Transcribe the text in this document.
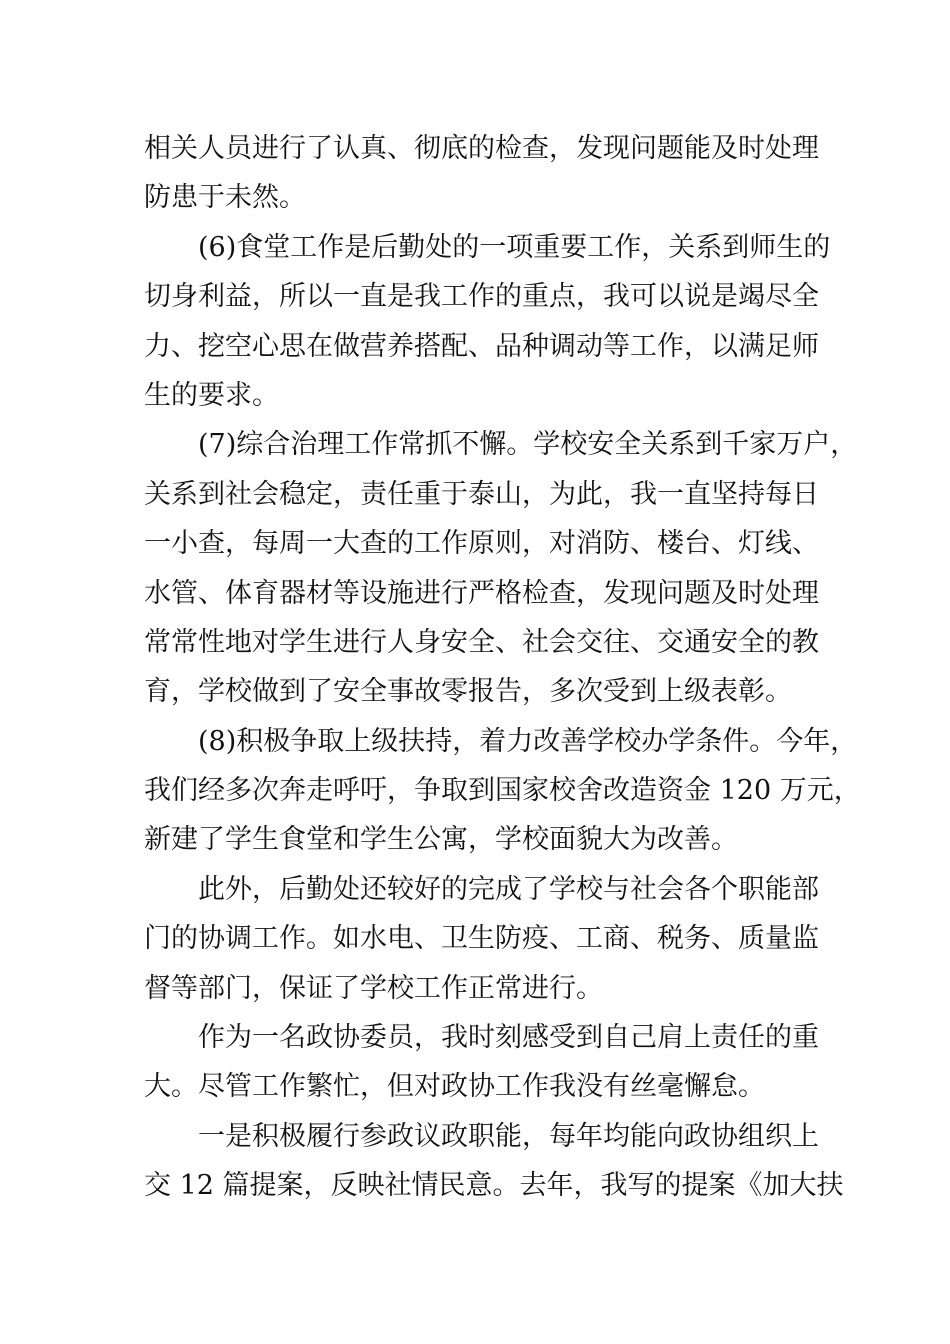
相关人员进行了认真、彻底的检查，发现问题能及时处理
防患于未然。
(6)食堂工作是后勤处的一项重要工作，关系到师生的
切身利益，所以一直是我工作的重点，我可以说是竭尽全
力、挖空心思在做营养搭配、品种调动等工作，以满足师
生的要求。
(7)综合治理工作常抓不懈。学校安全关系到千家万户，
关系到社会稳定，责任重于泰山，为此，我一直坚持每日
一小查，每周一大查的工作原则，对消防、楼台、灯线、
水管、体育器材等设施进行严格检查，发现问题及时处理
常常性地对学生进行人身安全、社会交往、交通安全的教
育，学校做到了安全事故零报告，多次受到上级表彰。
(8)积极争取上级扶持，着力改善学校办学条件。今年，
我们经多次奔走呼吁，争取到国家校舍改造资金 120 万元，
新建了学生食堂和学生公寓，学校面貌大为改善。
此外，后勤处还较好的完成了学校与社会各个职能部
门的协调工作。如水电、卫生防疫、工商、税务、质量监
督等部门，保证了学校工作正常进行。
作为一名政协委员，我时刻感受到自己肩上责任的重
大。尽管工作繁忙，但对政协工作我没有丝毫懈怠。
一是积极履行参政议政职能，每年均能向政协组织上
交 12 篇提案，反映社情民意。去年，我写的提案《加大扶
